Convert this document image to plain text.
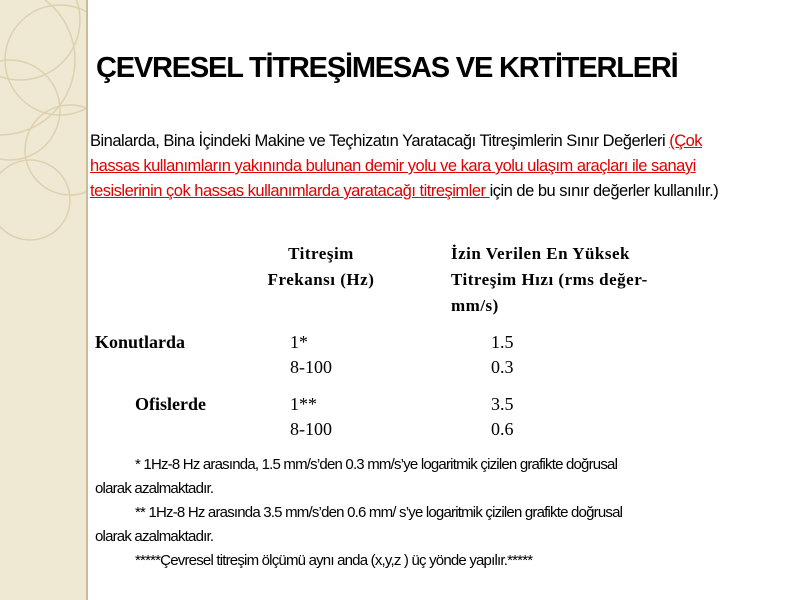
ÇEVRESEL TİTREŞİMESAS VE KRTİTERLERİ
Binalarda, Bina İçindeki Makine ve Teçhizatın Yaratacağı Titreşimlerin Sınır Değerleri (Çok hassas kullanımların yakınında bulunan demir yolu ve kara yolu ulaşım araçları ile sanayi tesislerinin çok hassas kullanımlarda yaratacağı titreşimler için de bu sınır değerler kullanılır.)
Titreşim
Frekansı (Hz)
İzin Verilen En Yüksek
Titreşim Hızı (rms değer-
mm/s)
Konutlarda	1*
8-100
1.5
0.3
Ofislerde	1**
8-100
3.5
0.6
* 1Hz-8 Hz arasında, 1.5 mm/s’den 0.3 mm/s’ye logaritmik çizilen grafikte doğrusal
olarak azalmaktadır.
** 1Hz-8 Hz arasında 3.5 mm/s’den 0.6 mm/ s’ye logaritmik çizilen grafikte doğrusal
olarak azalmaktadır.
*****Çevresel titreşim ölçümü aynı anda (x,y,z ) üç yönde yapılır.*****
